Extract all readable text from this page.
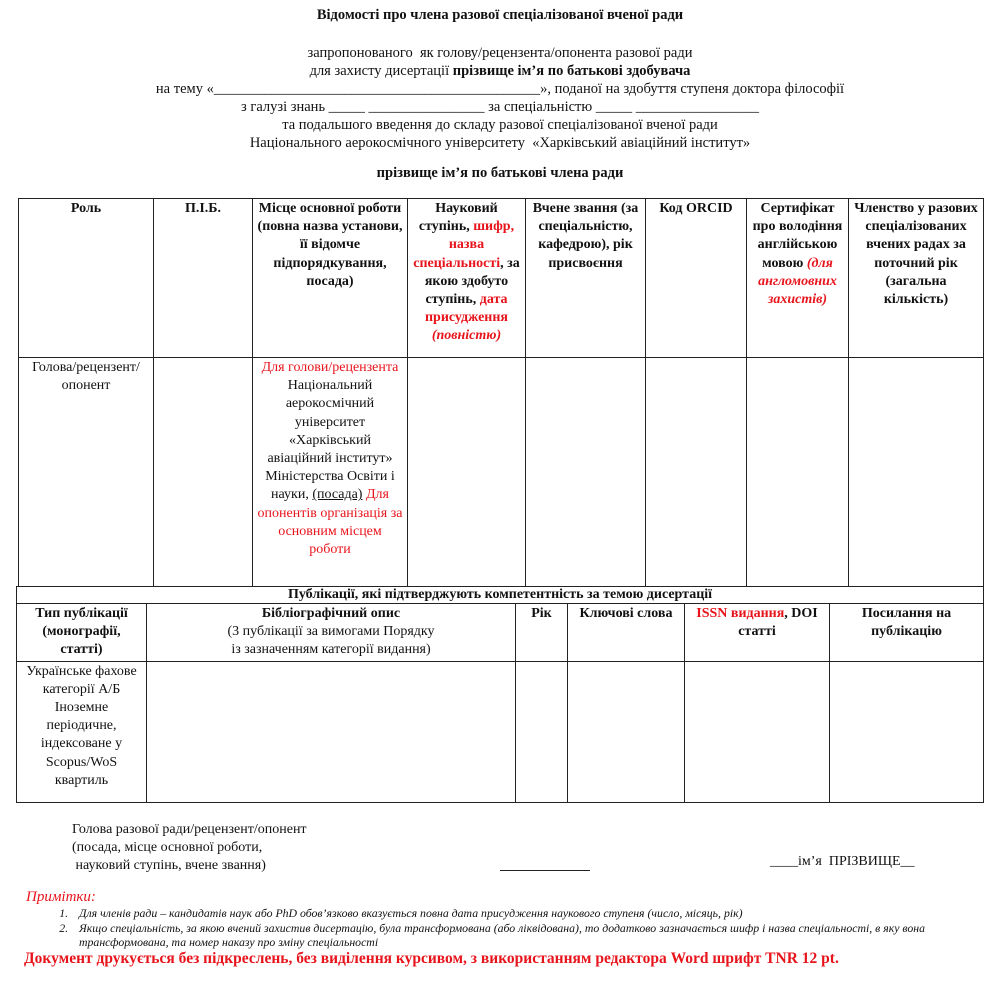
Відомості про члена разової спеціалізованої вченої ради
запропонованого  як голову/рецензента/опонента разової ради
для захисту дисертації прізвище ім’я по батькові здобувача
на тему «_____________________________________________», поданої на здобуття ступеня доктора філософії
з галузі знань _____ ________________ за спеціальністю _____ _________________
та подальшого введення до складу разової спеціалізованої вченої ради
Національного аерокосмічного університету  «Харківський авіаційний інститут»
прізвище ім’я по батькові члена ради
Роль	П.І.Б.	Місце основної роботи (повна назва установи, її відомче підпорядкування, посада)	Науковий ступінь, шифр, назва спеціальності, за якою здобуто ступінь, дата присудження (повністю)	Вчене звання (за спеціальністю, кафедрою), рік присвоєння	Код ORCID	Сертифікат про володіння англійською мовою (для англомовних захистів)	Членство у разових спеціалізованих вчених радах за поточний рік (загальна кількість)
Голова/рецензент/ опонент		Для голови/рецензента Національний аерокосмічний університет «Харківський авіаційний інститут» Міністерства Освіти і науки, (посада) Для опонентів організація за основним місцем роботи					
Публікації, які підтверджують компетентність за темою дисертації					
Тип публікації (монографії, статті)	Бібліографічний опис
(3 публікації за вимогами Порядку
із зазначенням категорії видання)	Рік	Ключові слова	ISSN видання, DOI статті	Посилання на публікацію
Українське фахове категорії А/Б Іноземне періодичне, індексоване у Scopus/WoS квартиль					
Голова разової ради/рецензент/опонент
(посада, місце основної роботи,
науковий ступінь, вчене звання)	____ім’я  ПРІЗВИЩЕ__
Примітки:
1. Для членів ради – кандидатів наук або PhD обов’язково вказується повна дата присудження наукового ступеня (число, місяць, рік)
2. Якщо спеціальність, за якою вчений захистив дисертацію, була трансформована (або ліквідована), то додатково зазначається шифр і назва спеціальності, в яку вона трансформована, та номер наказу про зміну спеціальності
Документ друкується без підкреслень, без виділення курсивом, з використанням редактора Word шрифт TNR 12 pt.
